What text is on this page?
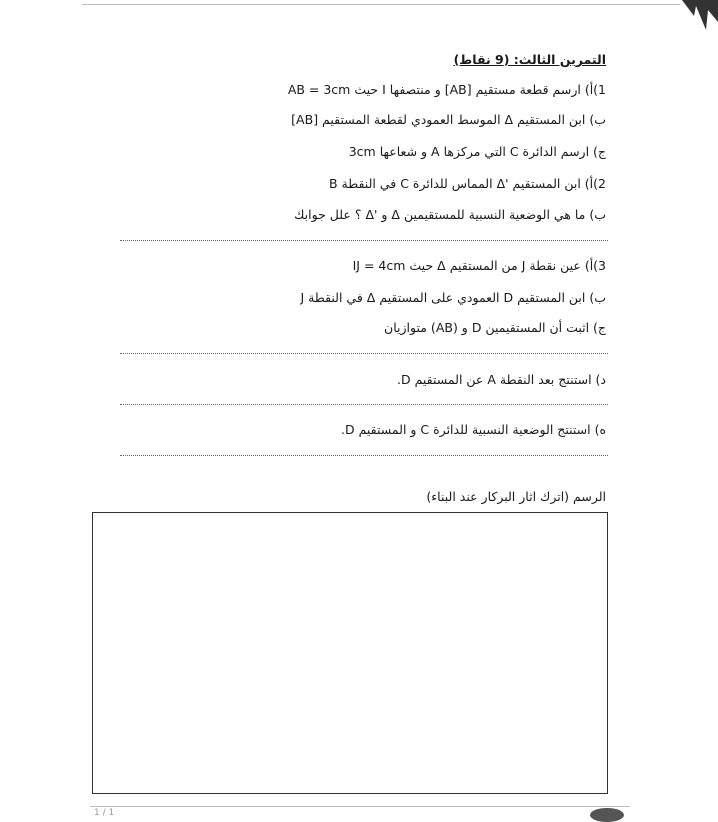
التمرين الثالث: (9 نقاط)
1)أ) ارسم قطعة مستقيم [AB] و منتصفها I حيث AB = 3cm
ب) ابن المستقيم Δ الموسط العمودي لقطعة المستقيم [AB]
ج) ارسم الدائرة C التي مركزها A و شعاعها 3cm
2)أ) ابن المستقيم 'Δ المماس للدائرة C في النقطة B
ب) ما هي الوضعية النسبية للمستقيمين Δ و 'Δ ؟ علل جوابك
3)أ) عين نقطة J من المستقيم Δ حيث IJ = 4cm
ب) ابن المستقيم D العمودي على المستقيم Δ في النقطة J
ج) اثبت أن المستقيمين D و (AB) متوازيان
د) استنتج بعد النقطة A عن المستقيم D.
ه) استنتج الوضعية النسبية للدائرة C و المستقيم D.
الرسم (اترك اثار البركار عند البناء)
1 / 1
